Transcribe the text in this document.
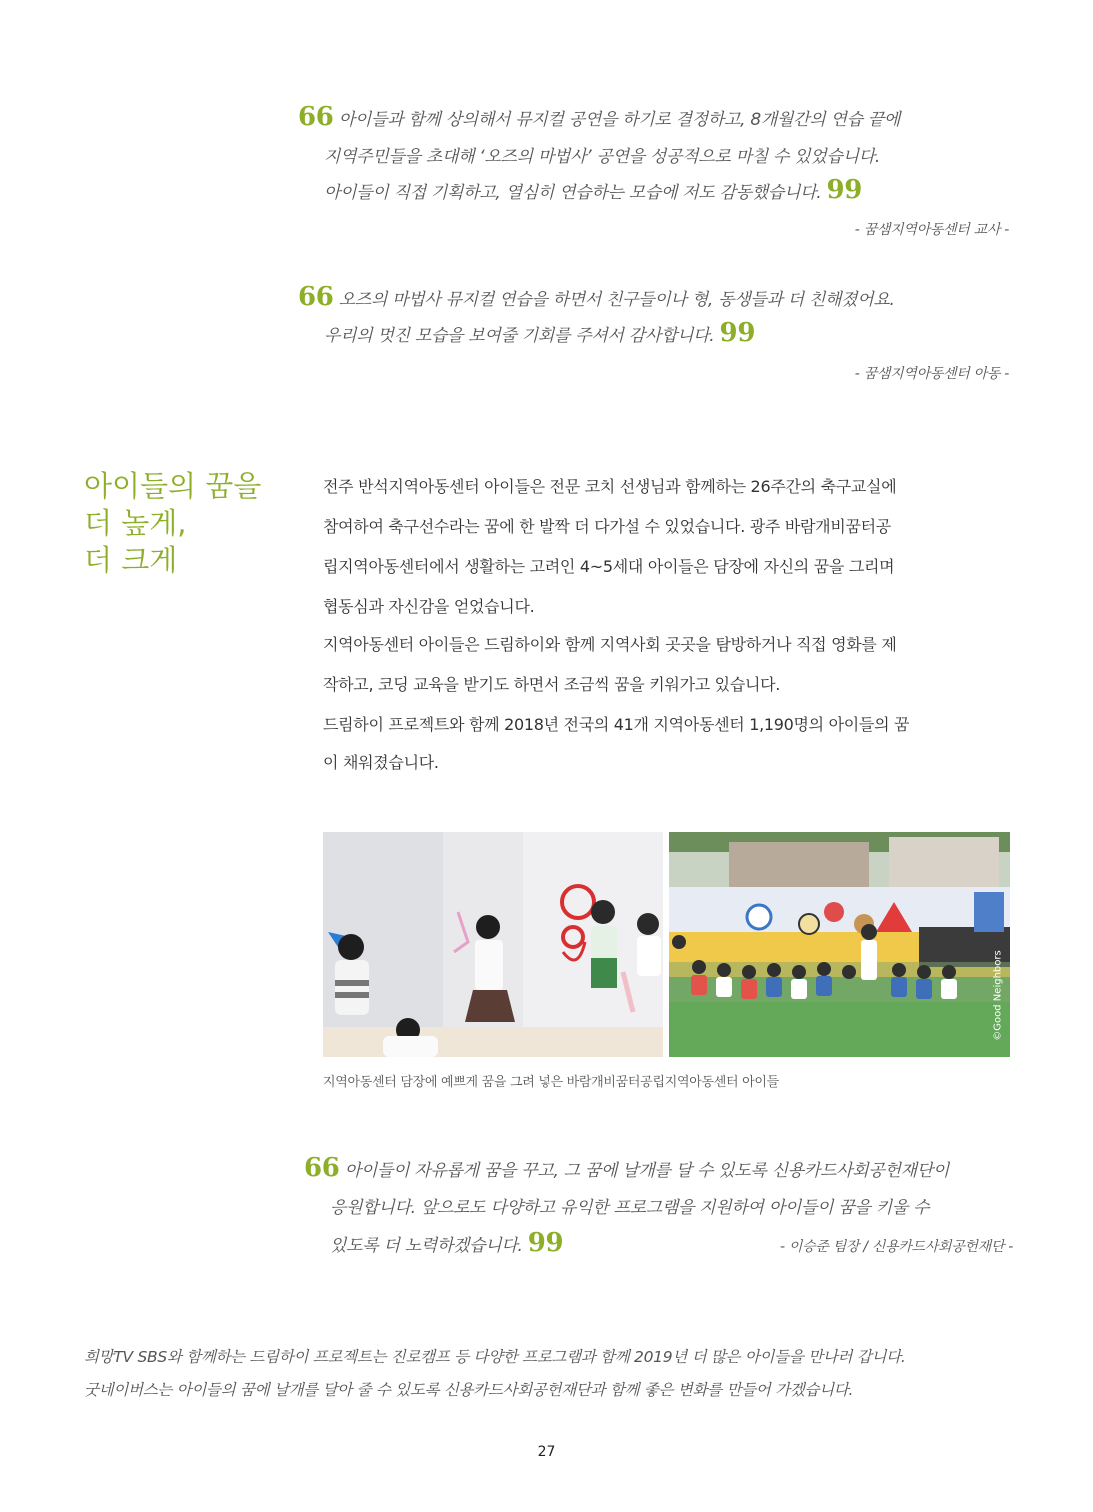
66 아이들과 함께 상의해서 뮤지컬 공연을 하기로 결정하고, 8개월간의 연습 끝에
지역주민들을 초대해 ‘오즈의 마법사’ 공연을 성공적으로 마칠 수 있었습니다.
아이들이 직접 기획하고, 열심히 연습하는 모습에 저도 감동했습니다. 99
- 꿈샘지역아동센터 교사 -
66 오즈의 마법사 뮤지컬 연습을 하면서 친구들이나 형, 동생들과 더 친해졌어요.
우리의 멋진 모습을 보여줄 기회를 주셔서 감사합니다. 99
- 꿈샘지역아동센터 아동 -
아이들의 꿈을
더 높게,
더 크게
전주 반석지역아동센터 아이들은 전문 코치 선생님과 함께하는 26주간의 축구교실에
참여하여 축구선수라는 꿈에 한 발짝 더 다가설 수 있었습니다. 광주 바람개비꿈터공
립지역아동센터에서 생활하는 고려인 4~5세대 아이들은 담장에 자신의 꿈을 그리며
협동심과 자신감을 얻었습니다.
지역아동센터 아이들은 드림하이와 함께 지역사회 곳곳을 탐방하거나 직접 영화를 제
작하고, 코딩 교육을 받기도 하면서 조금씩 꿈을 키워가고 있습니다.
드림하이 프로젝트와 함께 2018년 전국의 41개 지역아동센터 1,190명의 아이들의 꿈
이 채워졌습니다.
©Good Neighbors
지역아동센터 담장에 예쁘게 꿈을 그려 넣은 바람개비꿈터공립지역아동센터 아이들
66 아이들이 자유롭게 꿈을 꾸고, 그 꿈에 날개를 달 수 있도록 신용카드사회공헌재단이
응원합니다. 앞으로도 다양하고 유익한 프로그램을 지원하여 아이들이 꿈을 키울 수
있도록 더 노력하겠습니다. 99	- 이승준 팀장 / 신용카드사회공헌재단 -
희망TV SBS와 함께하는 드림하이 프로젝트는 진로캠프 등 다양한 프로그램과 함께 2019년 더 많은 아이들을 만나러 갑니다.
굿네이버스는 아이들의 꿈에 날개를 달아 줄 수 있도록 신용카드사회공헌재단과 함께 좋은 변화를 만들어 가겠습니다.
27
